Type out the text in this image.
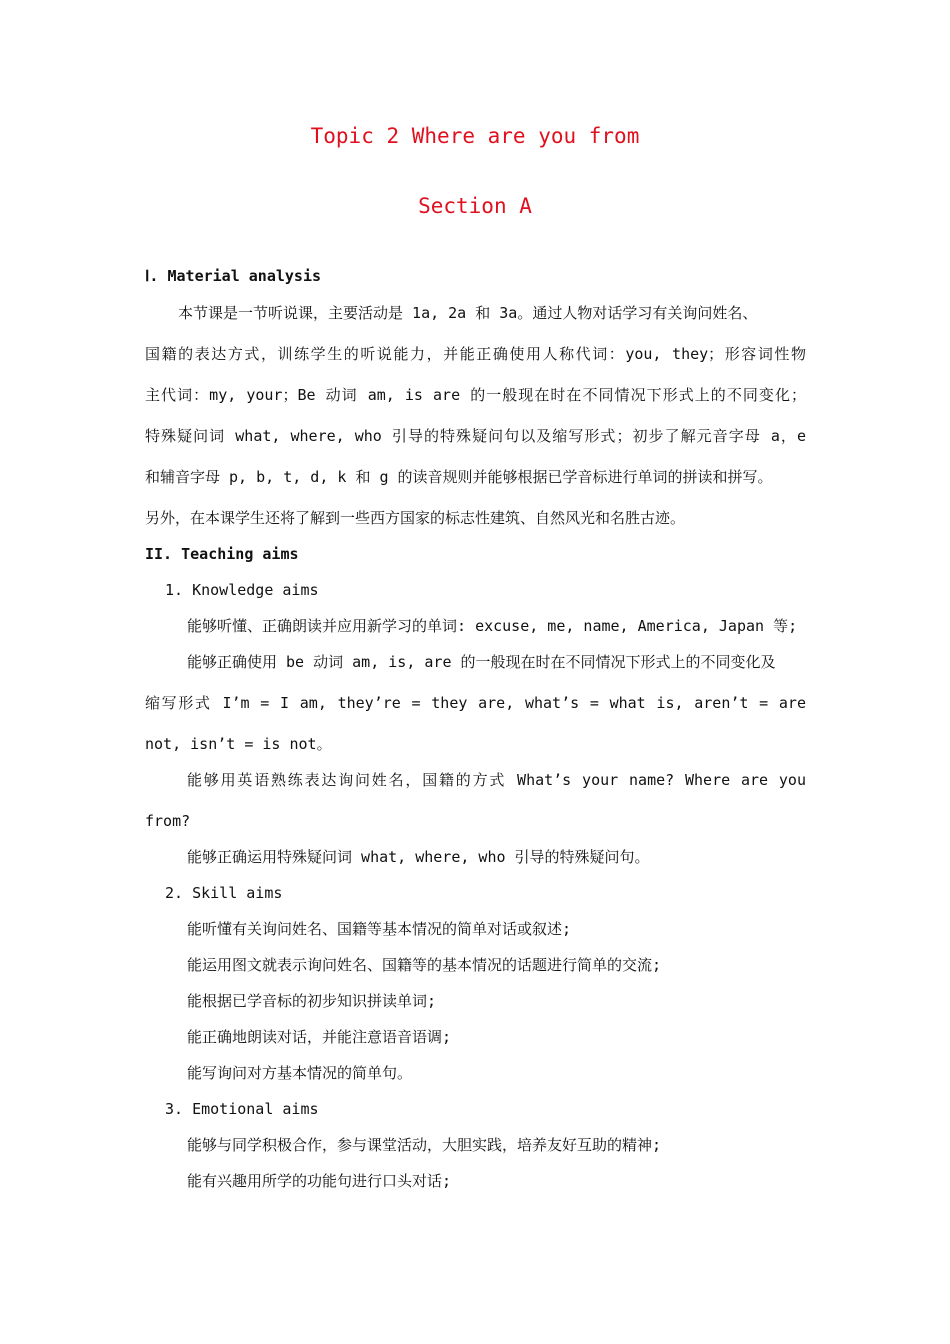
Topic 2 Where are you from
Section A
Ⅰ. Material analysis
本节课是一节听说课，主要活动是 1a, 2a 和 3a。通过人物对话学习有关询问姓名、
国籍的表达方式，训练学生的听说能力，并能正确使用人称代词：you, they；形容词性物
主代词：my, your；Be 动词 am, is are 的一般现在时在不同情况下形式上的不同变化；
特殊疑问词 what, where, who 引导的特殊疑问句以及缩写形式；初步了解元音字母 a，e
和辅音字母 p, b, t, d, k 和 g 的读音规则并能够根据已学音标进行单词的拼读和拼写。
另外，在本课学生还将了解到一些西方国家的标志性建筑、自然风光和名胜古迹。
II. Teaching aims
1. Knowledge aims
能够听懂、正确朗读并应用新学习的单词: excuse, me, name, America, Japan 等;
能够正确使用 be 动词 am, is, are 的一般现在时在不同情况下形式上的不同变化及
缩写形式 I’m = I am, they’re = they are, what’s = what is, aren’t = are
not, isn’t = is not。
能够用英语熟练表达询问姓名，国籍的方式 What’s your name? Where are you
from?
能够正确运用特殊疑问词 what, where, who 引导的特殊疑问句。
2. Skill aims
能听懂有关询问姓名、国籍等基本情况的简单对话或叙述;
能运用图文就表示询问姓名、国籍等的基本情况的话题进行简单的交流;
能根据已学音标的初步知识拼读单词;
能正确地朗读对话，并能注意语音语调;
能写询问对方基本情况的简单句。
3. Emotional aims
能够与同学积极合作，参与课堂活动，大胆实践，培养友好互助的精神;
能有兴趣用所学的功能句进行口头对话;
